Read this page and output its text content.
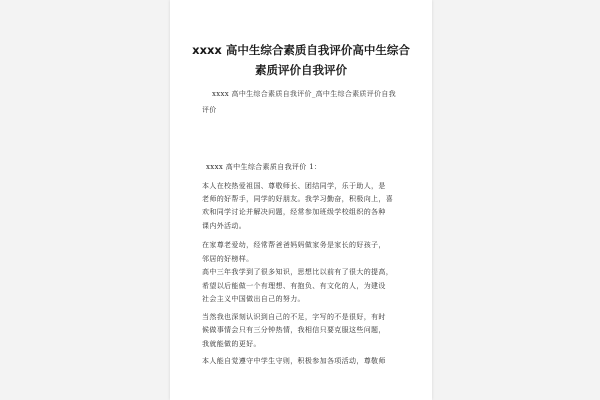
xxxx 高中生综合素质自我评价高中生综合
素质评价自我评价
xxxx 高中生综合素质自我评价_高中生综合素质评价自我
评价
xxxx 高中生综合素质自我评价 1：
本人在校热爱祖国、尊敬师长、团结同学，乐于助人，是
老师的好帮手，同学的好朋友。我学习勤奋，积极向上，喜
欢和同学讨论并解决问题，经常参加班级学校组织的各种
课内外活动。
在家尊老爱幼，经常帮爸爸妈妈做家务是家长的好孩子，
邻居的好榜样。
高中三年我学到了很多知识，思想比以前有了很大的提高，
希望以后能做一个有理想、有抱负、有文化的人，为建设
社会主义中国做出自己的努力。
当然我也深刻认识到自己的不足，字写的不是很好，有时
候做事情会只有三分钟热情，我相信只要克服这些问题，
我就能做的更好。
本人能自觉遵守中学生守则，积极参加各项活动，尊敬师
